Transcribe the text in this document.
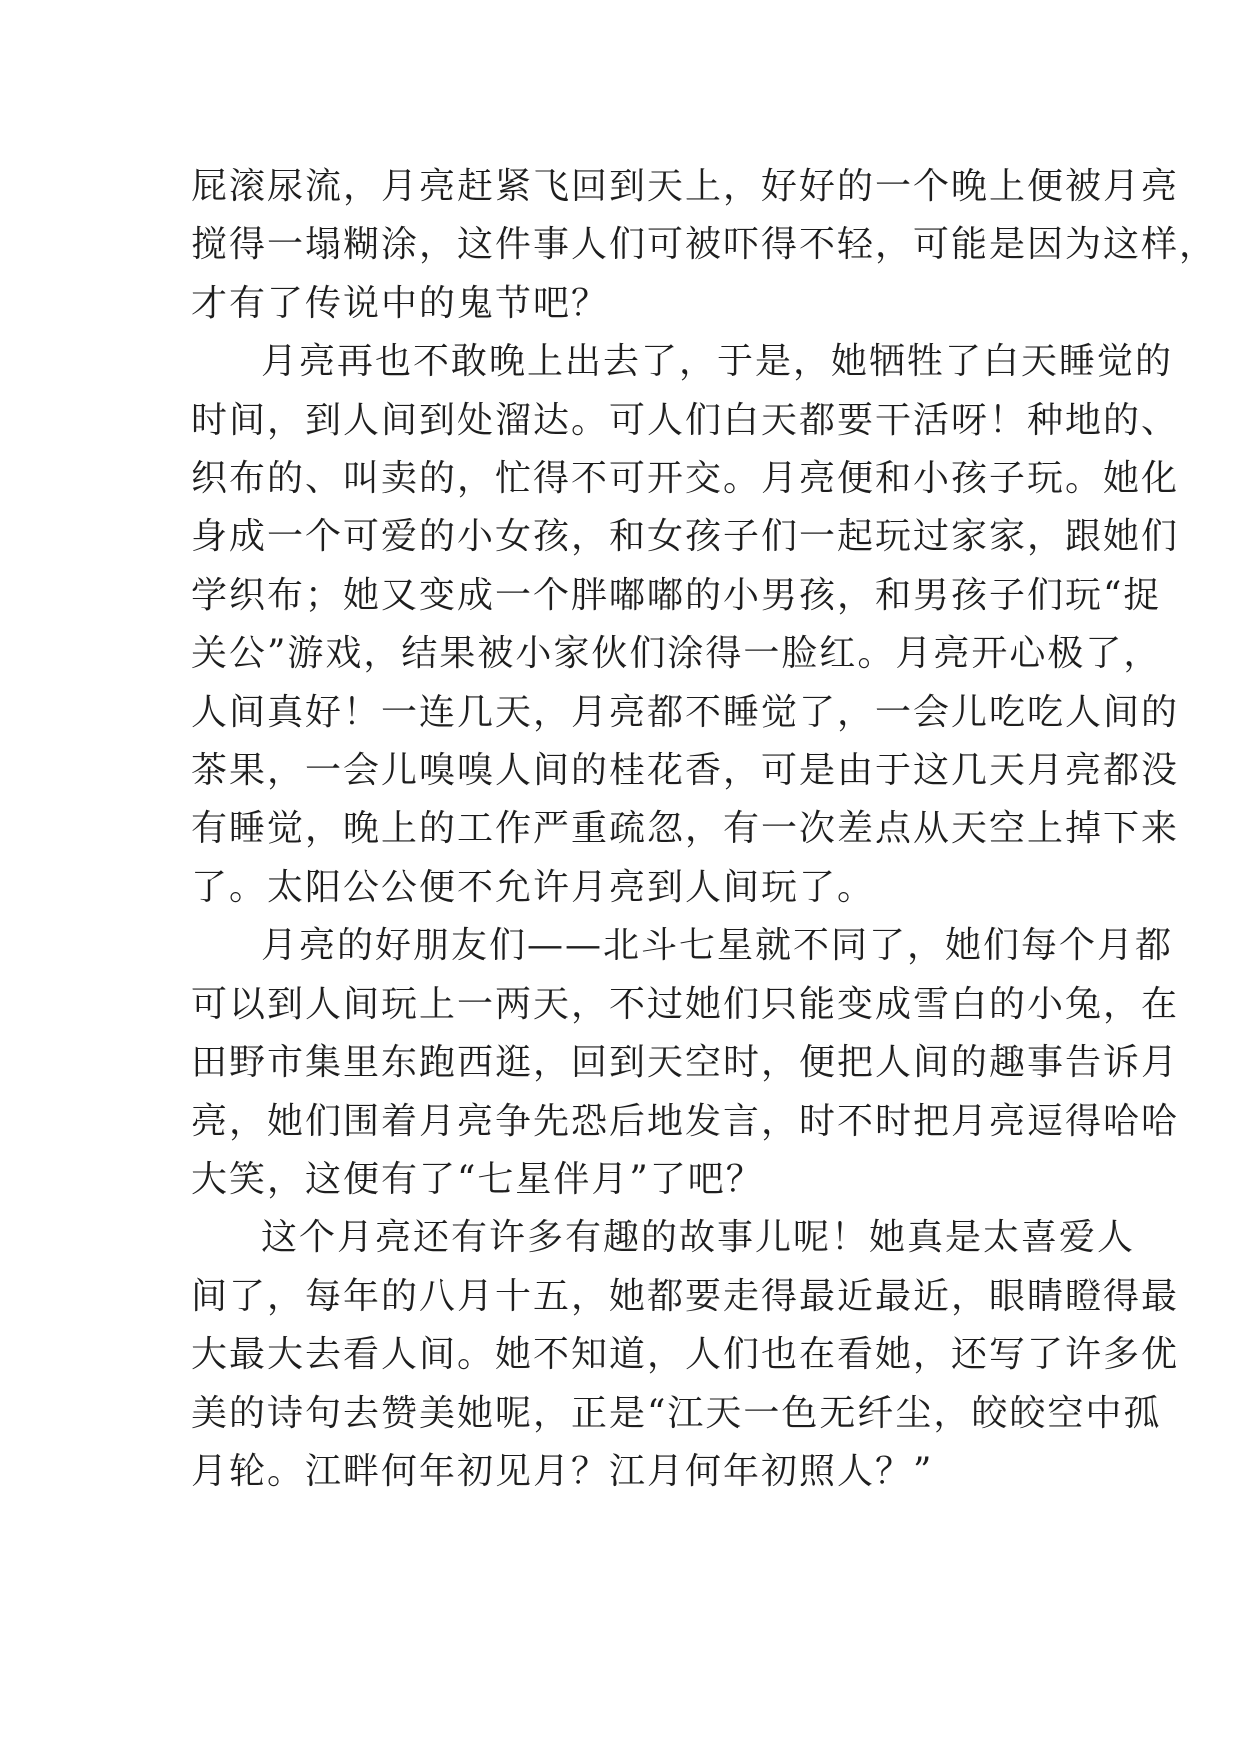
屁滚尿流，月亮赶紧飞回到天上，好好的一个晚上便被月亮
搅得一塌糊涂，这件事人们可被吓得不轻，可能是因为这样，
才有了传说中的鬼节吧？
月亮再也不敢晚上出去了，于是，她牺牲了白天睡觉的
时间，到人间到处溜达。可人们白天都要干活呀！种地的、
织布的、叫卖的，忙得不可开交。月亮便和小孩子玩。她化
身成一个可爱的小女孩，和女孩子们一起玩过家家，跟她们
学织布；她又变成一个胖嘟嘟的小男孩，和男孩子们玩“捉
关公”游戏，结果被小家伙们涂得一脸红。月亮开心极了，
人间真好！一连几天，月亮都不睡觉了，一会儿吃吃人间的
茶果，一会儿嗅嗅人间的桂花香，可是由于这几天月亮都没
有睡觉，晚上的工作严重疏忽，有一次差点从天空上掉下来
了。太阳公公便不允许月亮到人间玩了。
月亮的好朋友们——北斗七星就不同了，她们每个月都
可以到人间玩上一两天，不过她们只能变成雪白的小兔，在
田野市集里东跑西逛，回到天空时，便把人间的趣事告诉月
亮，她们围着月亮争先恐后地发言，时不时把月亮逗得哈哈
大笑，这便有了“七星伴月”了吧？
这个月亮还有许多有趣的故事儿呢！她真是太喜爱人
间了，每年的八月十五，她都要走得最近最近，眼睛瞪得最
大最大去看人间。她不知道，人们也在看她，还写了许多优
美的诗句去赞美她呢，正是“江天一色无纤尘，皎皎空中孤
月轮。江畔何年初见月？江月何年初照人？”
